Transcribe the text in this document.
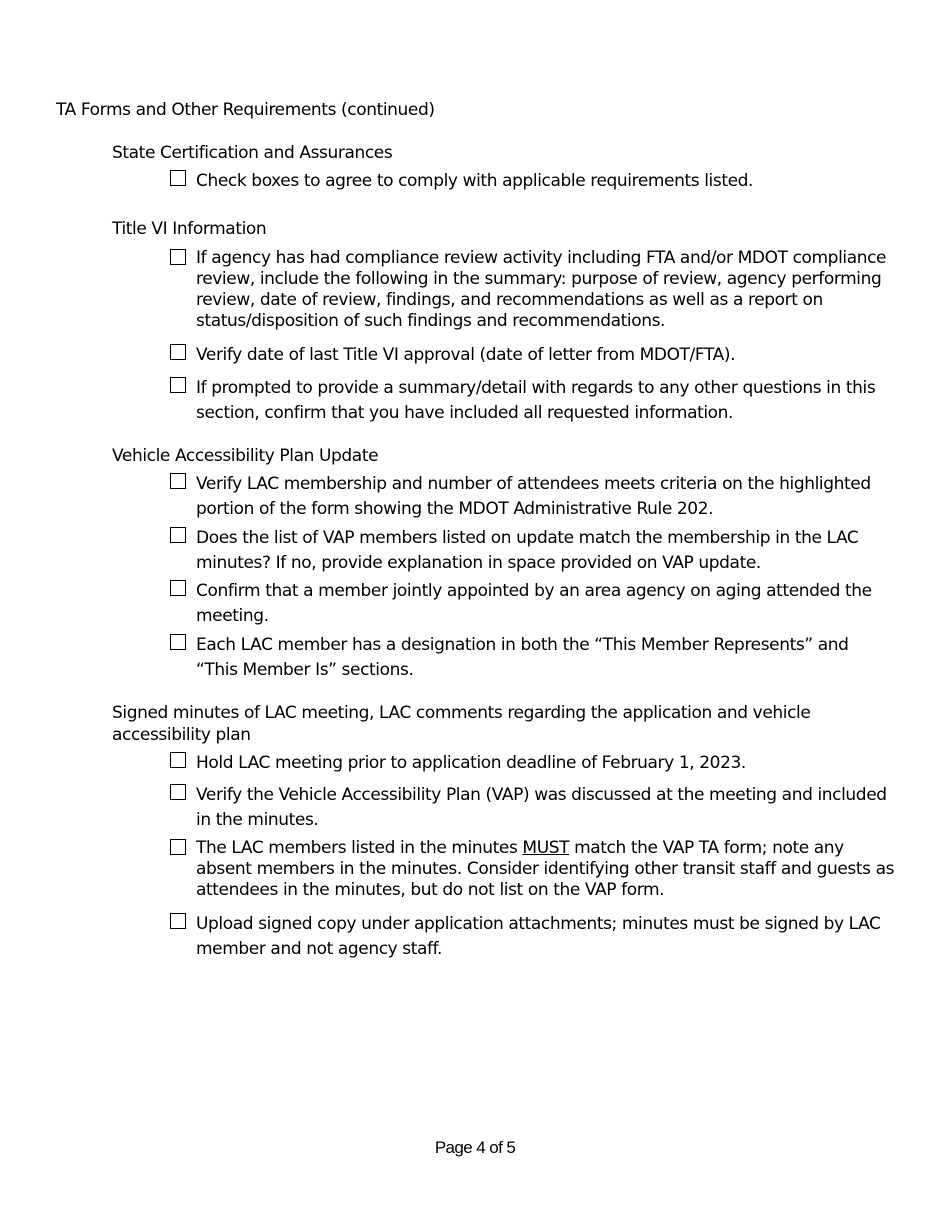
TA Forms and Other Requirements (continued)
State Certification and Assurances
Check boxes to agree to comply with applicable requirements listed.
Title VI Information
If agency has had compliance review activity including FTA and/or MDOT compliance review, include the following in the summary: purpose of review, agency performing review, date of review, findings, and recommendations as well as a report on status/disposition of such findings and recommendations.
Verify date of last Title VI approval (date of letter from MDOT/FTA).
If prompted to provide a summary/detail with regards to any other questions in this section, confirm that you have included all requested information.
Vehicle Accessibility Plan Update
Verify LAC membership and number of attendees meets criteria on the highlighted portion of the form showing the MDOT Administrative Rule 202.
Does the list of VAP members listed on update match the membership in the LAC minutes? If no, provide explanation in space provided on VAP update.
Confirm that a member jointly appointed by an area agency on aging attended the meeting.
Each LAC member has a designation in both the “This Member Represents” and “This Member Is” sections.
Signed minutes of LAC meeting, LAC comments regarding the application and vehicle accessibility plan
Hold LAC meeting prior to application deadline of February 1, 2023.
Verify the Vehicle Accessibility Plan (VAP) was discussed at the meeting and included in the minutes.
The LAC members listed in the minutes MUST match the VAP TA form; note any absent members in the minutes. Consider identifying other transit staff and guests as attendees in the minutes, but do not list on the VAP form.
Upload signed copy under application attachments; minutes must be signed by LAC member and not agency staff.
Page 4 of 5
